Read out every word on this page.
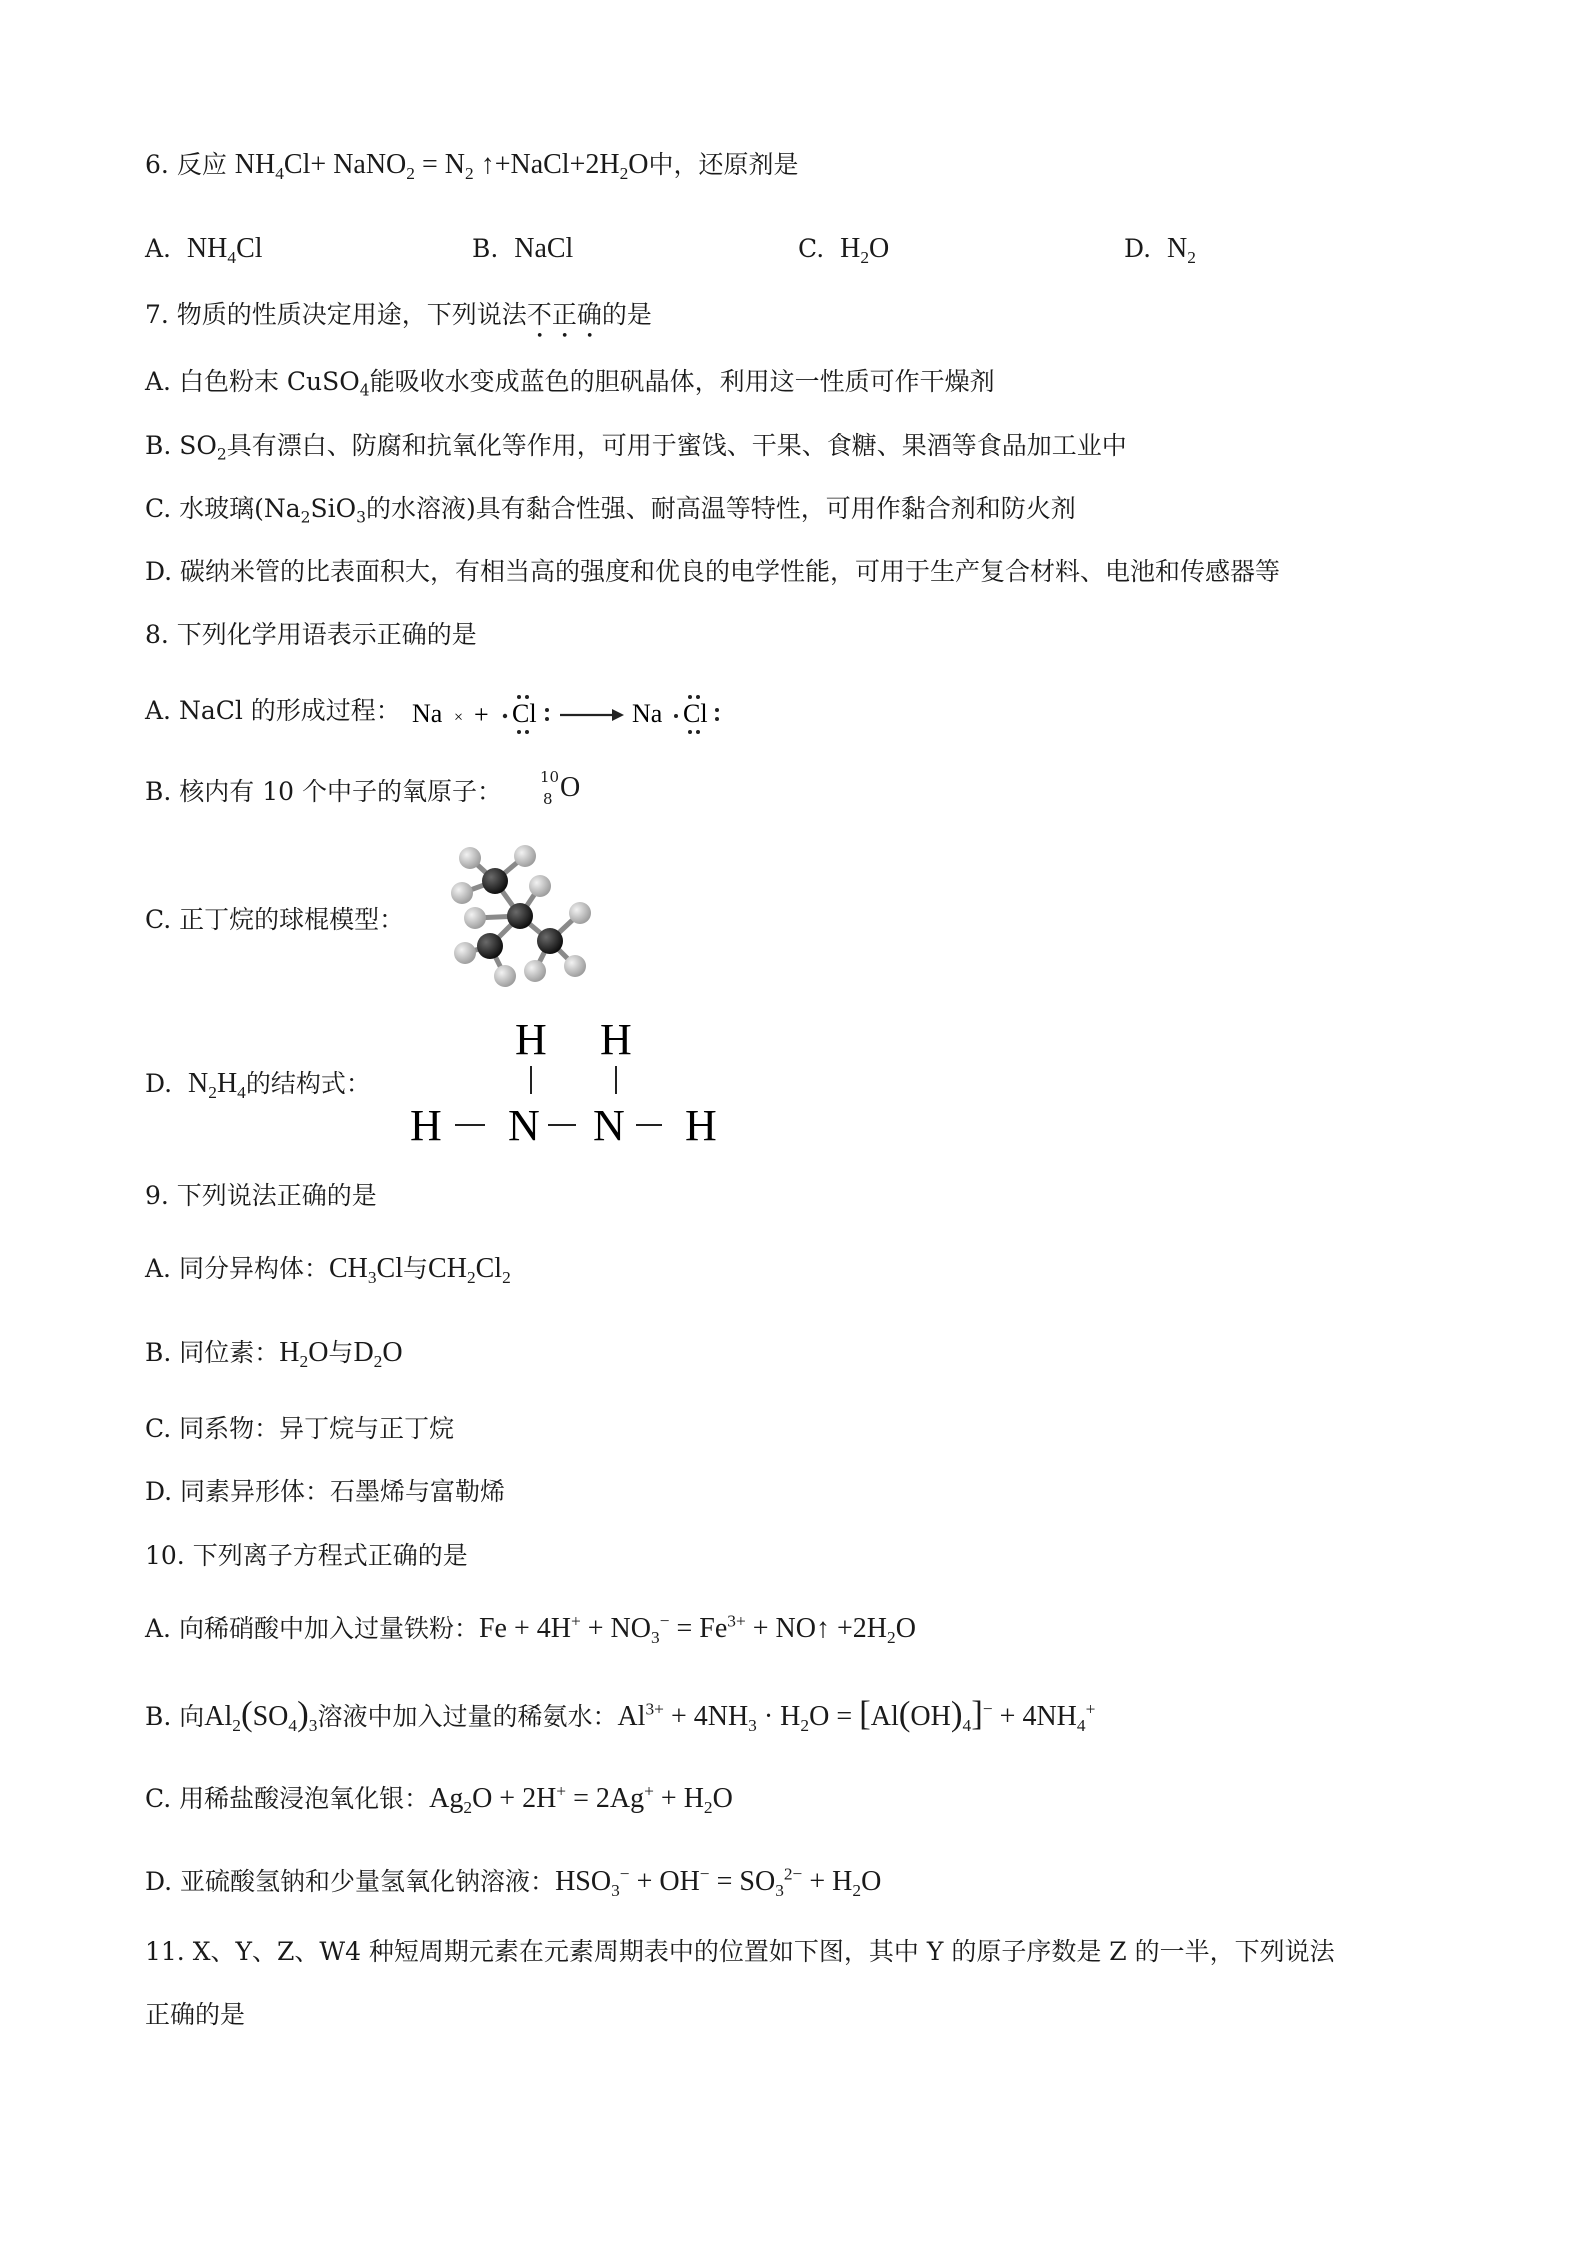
6. 反应 $NH_4Cl+$ NaNO$_2$ = $N_2$ $↑+NaCl+2H_2O$中，还原剂是
A. $NH_4Cl$	B. NaCl	C. $H_2O$	D. $N_2$
7. 物质的性质决定用途，下列说法不正确的是
A. 白色粉末 CuSO$_4$能吸收水变成蓝色的胆矾晶体，利用这一性质可作干燥剂
B. $SO_2$具有漂白、防腐和抗氧化等作用，可用于蜜饯、干果、食糖、果酒等食品加工业中
C. 水玻璃($Na_2SiO_3$的水溶液)具有黏合性强、耐高温等特性，可用作黏合剂和防火剂
D. 碳纳米管的比表面积大，有相当高的强度和优良的电学性能，可用于生产复合材料、电池和传感器等
8. 下列化学用语表示正确的是
A. NaCl 的形成过程： Na × + Cl	Na Cl
B. 核内有 10 个中子的氧原子：	10
8 O
C. 正丁烷的球棍模型：
D. $N_2H_4$的结构式：
H H
H N N H
9. 下列说法正确的是
A. 同分异构体：$CH_3Cl$与$CH_2Cl_2$
B. 同位素：$H_2O$与$D_2O$
C. 同系物：异丁烷与正丁烷
D. 同素异形体：石墨烯与富勒烯
10. 下列离子方程式正确的是
A. 向稀硝酸中加入过量铁粉：$Fe + 4H^+ + NO_3^- = Fe^{3+}$ + NO↑ $+2H_2O$
B. 向$Al_2(SO_4)_3$溶液中加入过量的稀氨水：$Al^{3+} + 4NH_3 \cdot H_2O = [Al(OH)_4]^- + 4NH_4^+$
C. 用稀盐酸浸泡氧化银：$Ag_2O + 2H^+ = 2Ag^+ + H_2O$
D. 亚硫酸氢钠和少量氢氧化钠溶液：$HSO_3^- + OH^- = SO_3^{2-} + H_2O$
11. X、Y、Z、W4 种短周期元素在元素周期表中的位置如下图，其中 Y 的原子序数是 Z 的一半，下列说法
正确的是
